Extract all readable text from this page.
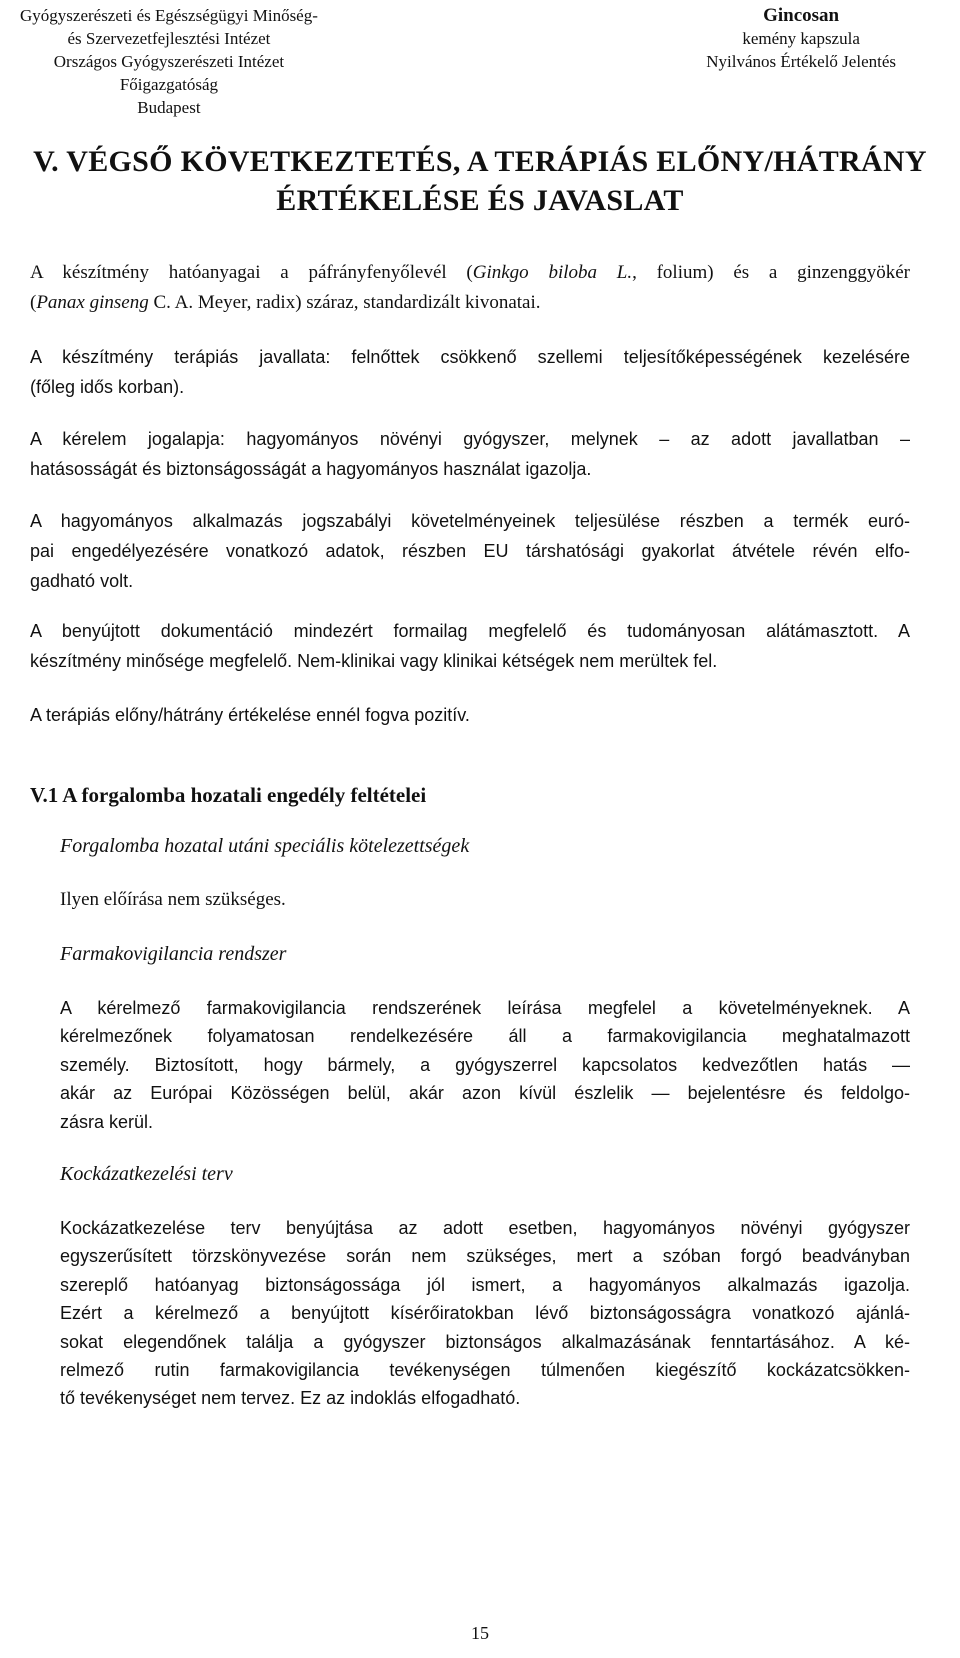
Gyógyszerészeti és Egészségügyi Minőség-
és Szervezetfejlesztési Intézet
Országos Gyógyszerészeti Intézet
Főigazgatóság
Budapest
Gincosan
kemény kapszula
Nyilvános Értékelő Jelentés
V. VÉGSŐ KÖVETKEZTETÉS, A TERÁPIÁS ELŐNY/HÁTRÁNY
ÉRTÉKELÉSE ÉS JAVASLAT
A készítmény hatóanyagai a páfrányfenyőlevél (Ginkgo biloba L., folium) és a ginzenggyökér
(Panax ginseng C. A. Meyer, radix) száraz, standardizált kivonatai.
A készítmény terápiás javallata: felnőttek csökkenő szellemi teljesítőképességének kezelésére
(főleg idős korban).
A kérelem jogalapja: hagyományos növényi gyógyszer, melynek – az adott javallatban –
hatásosságát és biztonságosságát a hagyományos használat igazolja.
A hagyományos alkalmazás jogszabályi követelményeinek teljesülése részben a termék euró-
pai engedélyezésére vonatkozó adatok, részben EU társhatósági gyakorlat átvétele révén elfo-
gadható volt.
A benyújtott dokumentáció mindezért formailag megfelelő és tudományosan alátámasztott. A
készítmény minősége megfelelő. Nem-klinikai vagy klinikai kétségek nem merültek fel.
A terápiás előny/hátrány értékelése ennél fogva pozitív.
V.1 A forgalomba hozatali engedély feltételei
Forgalomba hozatal utáni speciális kötelezettségek
Ilyen előírása nem szükséges.
Farmakovigilancia rendszer
A kérelmező farmakovigilancia rendszerének leírása megfelel a követelményeknek. A
kérelmezőnek folyamatosan rendelkezésére áll a farmakovigilancia meghatalmazott
személy. Biztosított, hogy bármely, a gyógyszerrel kapcsolatos kedvezőtlen hatás —
akár az Európai Közösségen belül, akár azon kívül észlelik — bejelentésre és feldolgo-
zásra kerül.
Kockázatkezelési terv
Kockázatkezelése terv benyújtása az adott esetben, hagyományos növényi gyógyszer
egyszerűsített törzskönyvezése során nem szükséges, mert a szóban forgó beadványban
szereplő hatóanyag biztonságossága jól ismert, a hagyományos alkalmazás igazolja.
Ezért a kérelmező a benyújtott kísérőiratokban lévő biztonságosságra vonatkozó ajánlá-
sokat elegendőnek találja a gyógyszer biztonságos alkalmazásának fenntartásához. A ké-
relmező rutin farmakovigilancia tevékenységen túlmenően kiegészítő kockázatcsökken-
tő tevékenységet nem tervez. Ez az indoklás elfogadható.
15
